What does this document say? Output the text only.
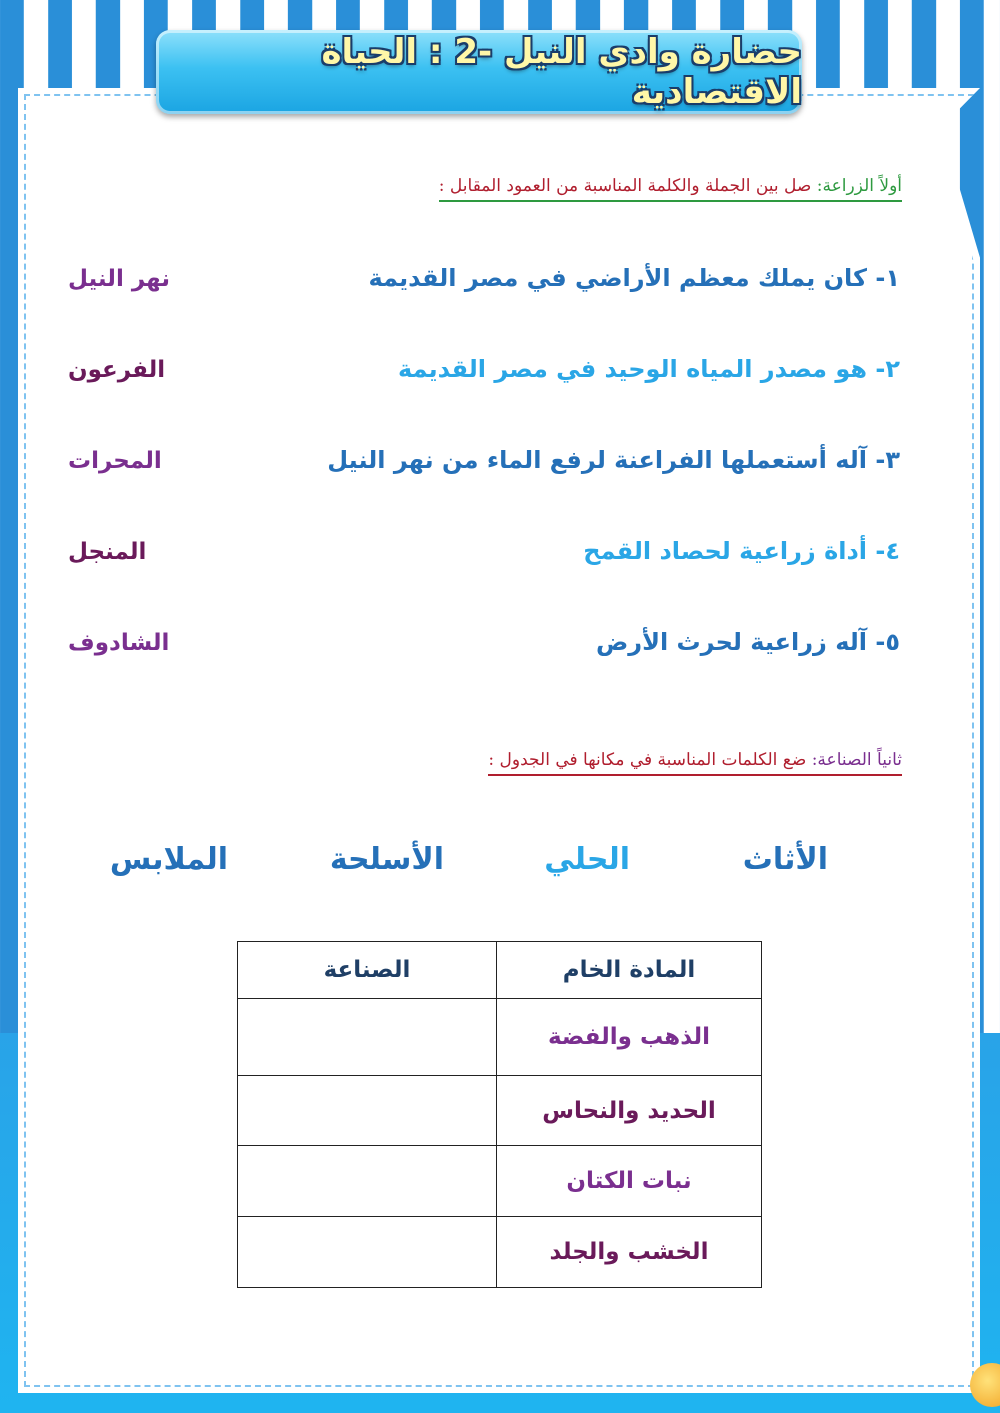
حضارة وادي النيل -2 : الحياة الاقتصادية
أولاً الزراعة: صل بين الجملة والكلمة المناسبة من العمود المقابل :
١- كان يملك معظم الأراضي في مصر القديمة
٢- هو مصدر المياه الوحيد في مصر القديمة
٣- آله أستعملها الفراعنة لرفع الماء من نهر النيل
٤- أداة زراعية لحصاد القمح
٥- آله زراعية لحرث الأرض
نهر النيل
الفرعون
المحرات
المنجل
الشادوف
ثانياً الصناعة: ضع الكلمات المناسبة في مكانها في الجدول :
الأثاث
الحلي
الأسلحة
الملابس
المادة الخام	الصناعة
الذهب والفضة	
الحديد والنحاس	
نبات الكتان	
الخشب والجلد	
